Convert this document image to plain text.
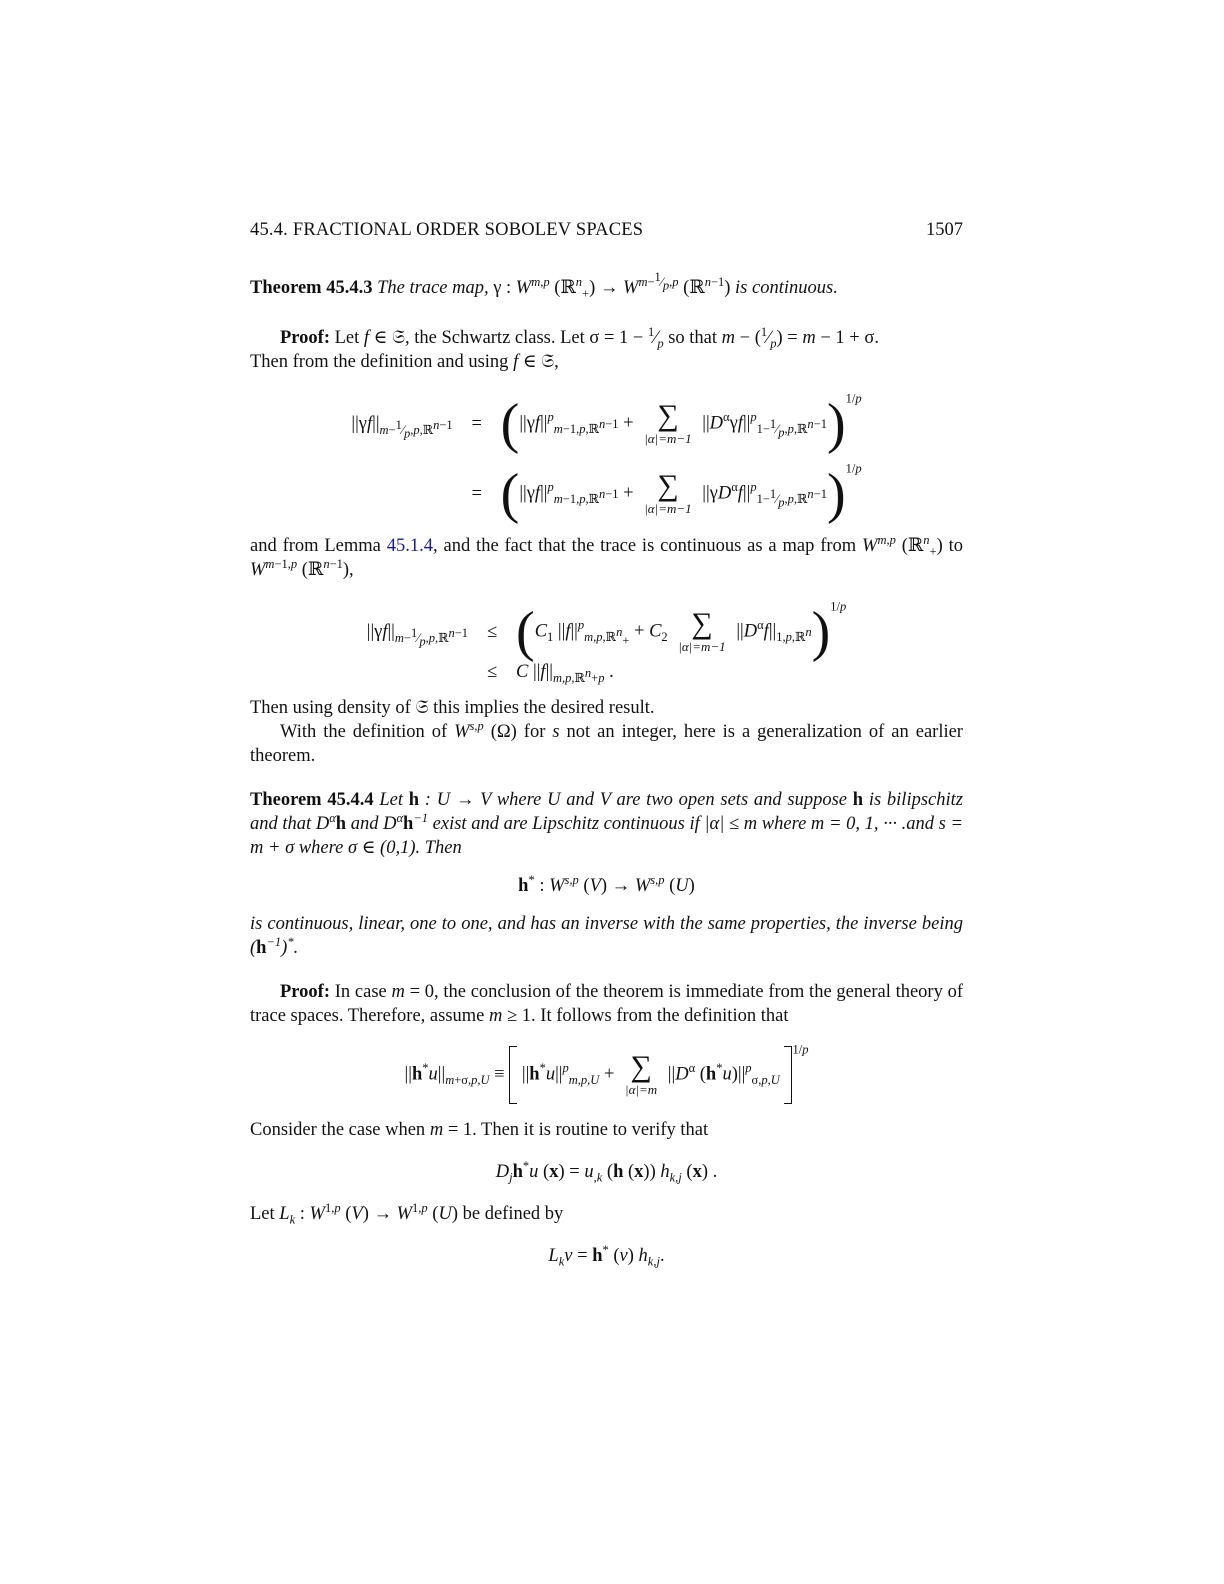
45.4. FRACTIONAL ORDER SOBOLEV SPACES	1507

Theorem 45.4.3 The trace map, γ : W$^{m,p}$ (ℝ$^n_+$) → $W^{m-^1⁄_p,p}$ (ℝ$^{n-1}$) is continuous.

Proof: Let f ∈ 𝔖, the Schwartz class. Let $\sigma = 1 - ^1⁄_p$ so that $m - (^1⁄_p) = m - 1 + \sigma$.

Then from the definition and using f ∈ 𝔖,

$||\gamma f||_{m-^1⁄_p,p,ℝ^{n-1}}$	= ($||\gamma f||^p_{m-1,p,ℝ^{n-1}}$ + ∑
|α|=m−1
$||D^\alpha\gamma f||^p_{1-^1⁄_p,p,ℝ^{n-1}})^{1/p}$
= ($||\gamma f||^p_{m-1,p,ℝ^{n-1}}$ + ∑
|α|=m−1
$||\gamma D^\alpha f||^p_{1-^1⁄_p,p,ℝ^{n-1}})^{1/p}$

and from Lemma 45.1.4, and the fact that the trace is continuous as a map from W$^{m,p}$ (ℝ$^n_+$) to $W^{m-1,p}$ (ℝ$^{n-1}$),

$||\gamma f||_{m-^1⁄_p,p,ℝ^{n-1}}$	≤ ($C_1$ $||f||^p_{m,p,ℝ^n_+} + C_2$ ∑
|α|=m−1
$||D^\alpha f||_{1,p,ℝ^n})^{1/p}$
≤	C $||f||_{m,p,ℝ^n+p}$ .

Then using density of 𝔖 this implies the desired result.

With the definition of W$^{s,p}$ (Ω) for s not an integer, here is a generalization of an earlier theorem.

Theorem 45.4.4 Let h : U → V where U and V are two open sets and suppose h is bilipschitz and that $D^\alpha h$ and $D^\alpha h^{-1}$ exist and are Lipschitz continuous if |α| ≤ m where m = 0, 1, ··· .and s = m + σ where σ ∈ (0,1). Then

h* : W$^{s,p}$ (V) → W$^{s,p}$ (U)

is continuous, linear, one to one, and has an inverse with the same properties, the inverse being $(h^{-1})^*$.

Proof: In case m = 0, the conclusion of the theorem is immediate from the general theory of trace spaces. Therefore, assume m ≥ 1. It follows from the definition that

$||h^*u||_{m+\sigma,p,U} \equiv ||h^*u||^p_{m,p,U}$ + ∑
|α|=m
$||D^\alpha$ $(h^*u)||^p_{\sigma,p,U}$ $^{1/p}$

Consider the case when m = 1. Then it is routine to verify that

$D_jh^*u$ $(x) = u_{,k}$ (h (x)) $h_{k,j}$ (x) .

Let $L_k$ : W$^{1,p}$ (V) → W$^{1,p}$ (U) be defined by

$L_kv = h^*$ (v) $h_{k,j}$.
